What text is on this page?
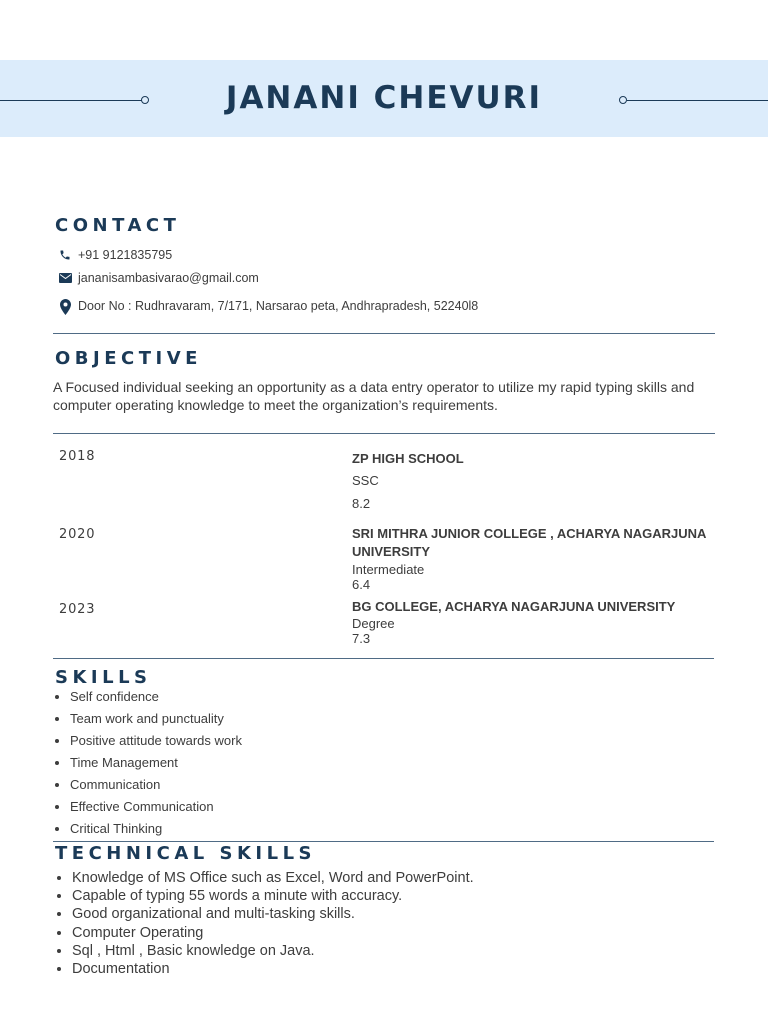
JANANI CHEVURI
CONTACT
+91 9121835795
jananisambasivarao@gmail.com
Door No : Rudhravaram, 7/171, Narsarao peta, Andhrapradesh, 52240l8
OBJECTIVE
A Focused individual seeking an opportunity as a data entry operator to utilize my rapid typing skills and computer operating knowledge to meet the organization’s requirements.
2018	ZP HIGH SCHOOL
SSC
8.2
2020	SRI MITHRA JUNIOR COLLEGE , ACHARYA NAGARJUNA UNIVERSITY
Intermediate
6.4
2023	BG COLLEGE, ACHARYA NAGARJUNA UNIVERSITY
Degree
7.3
SKILLS
• Self confidence
• Team work and punctuality
• Positive attitude towards work
• Time Management
• Communication
• Effective Communication
• Critical Thinking
TECHNICAL SKILLS
• Knowledge of MS Office such as Excel, Word and PowerPoint.
• Capable of typing 55 words a minute with accuracy.
• Good organizational and multi-tasking skills.
• Computer Operating
• Sql , Html , Basic knowledge on Java.
• Documentation
